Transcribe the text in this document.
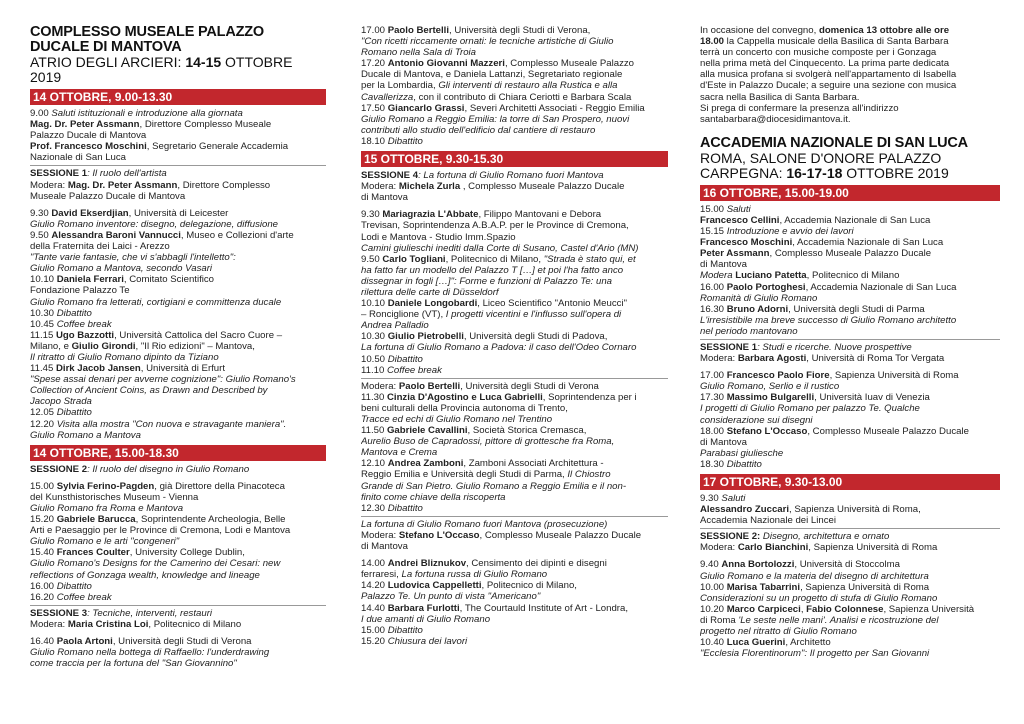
COMPLESSO MUSEALE PALAZZO
DUCALE DI MANTOVA
ATRIO DEGLI ARCIERI: 14-15 OTTOBRE 2019
14 OTTOBRE, 9.00-13.30
9.00 Saluti istituzionali e introduzione alla giornata
Mag. Dr. Peter Assmann, Direttore Complesso Museale
Palazzo Ducale di Mantova
Prof. Francesco Moschini, Segretario Generale Accademia
Nazionale di San Luca
SESSIONE 1: Il ruolo dell'artista
Modera: Mag. Dr. Peter Assmann, Direttore Complesso
Museale Palazzo Ducale di Mantova
9.30 David Ekserdjian, Università di Leicester
Giulio Romano inventore: disegno, delegazione, diffusione
9.50 Alessandra Baroni Vannucci, Museo e Collezioni d'arte
della Fraternita dei Laici - Arezzo
"Tante varie fantasie, che vi s'abbagli l'intelletto":
Giulio Romano a Mantova, secondo Vasari
10.10 Daniela Ferrari, Comitato Scientifico
Fondazione Palazzo Te
Giulio Romano fra letterati, cortigiani e committenza ducale
10.30 Dibattito
10.45 Coffee break
11.15 Ugo Bazzotti, Università Cattolica del Sacro Cuore –
Milano, e Giulio Girondi, "Il Rio edizioni" – Mantova,
Il ritratto di Giulio Romano dipinto da Tiziano
11.45 Dirk Jacob Jansen, Università di Erfurt
"Spese assai denari per avverne cognizione": Giulio Romano's
Collection of Ancient Coins, as Drawn and Described by
Jacopo Strada
12.05 Dibattito
12.20 Visita alla mostra "Con nuova e stravagante maniera".
Giulio Romano a Mantova
14 OTTOBRE, 15.00-18.30
SESSIONE 2: Il ruolo del disegno in Giulio Romano
15.00 Sylvia Ferino-Pagden, già Direttore della Pinacoteca
del Kunsthistorisches Museum - Vienna
Giulio Romano fra Roma e Mantova
15.20 Gabriele Barucca, Soprintendente Archeologia, Belle
Arti e Paesaggio per le Province di Cremona, Lodi e Mantova
Giulio Romano e le arti "congeneri"
15.40 Frances Coulter, University College Dublin,
Giulio Romano's Designs for the Camerino dei Cesari: new
reflections of Gonzaga wealth, knowledge and lineage
16.00 Dibattito
16.20 Coffee break
SESSIONE 3: Tecniche, interventi, restauri
Modera: Maria Cristina Loi, Politecnico di Milano
16.40 Paola Artoni, Università degli Studi di Verona
Giulio Romano nella bottega di Raffaello: l'underdrawing
come traccia per la fortuna del "San Giovannino"
17.00 Paolo Bertelli, Università degli Studi di Verona,
"Con ricetti riccamente ornati: le tecniche artistiche di Giulio
Romano nella Sala di Troia
17.20 Antonio Giovanni Mazzeri, Complesso Museale Palazzo
Ducale di Mantova, e Daniela Lattanzi, Segretariato regionale
per la Lombardia, Gli interventi di restauro alla Rustica e alla
Cavallerizza, con il contributo di Chiara Ceriotti e Barbara Scala
17.50 Giancarlo Grassi, Severi Architetti Associati - Reggio Emilia
Giulio Romano a Reggio Emilia: la torre di San Prospero, nuovi
contributi allo studio dell'edificio dal cantiere di restauro
18.10 Dibattito
15 OTTOBRE, 9.30-15.30
SESSIONE 4: La fortuna di Giulio Romano fuori Mantova
Modera: Michela Zurla , Complesso Museale Palazzo Ducale
di Mantova
9.30 Mariagrazia L'Abbate, Filippo Mantovani e Debora
Trevisan, Soprintendenza A.B.A.P. per le Province di Cremona,
Lodi e Mantova - Studio Imm.Spazio
Camini giulieschi inediti dalla Corte di Susano, Castel d'Ario (MN)
9.50 Carlo Togliani, Politecnico di Milano, "Strada è stato qui, et
ha fatto far un modello del Palazzo T […] et poi l'ha fatto anco
dissegnar in fogli […]": Forme e funzioni di Palazzo Te: una
rilettura delle carte di Düsseldorf
10.10 Daniele Longobardi, Liceo Scientifico "Antonio Meucci"
– Ronciglione (VT), I progetti vicentini e l'influsso sull'opera di
Andrea Palladio
10.30 Giulio Pietrobelli, Università degli Studi di Padova,
La fortuna di Giulio Romano a Padova: il caso dell'Odeo Cornaro
10.50 Dibattito
11.10 Coffee break
Modera: Paolo Bertelli, Università degli Studi di Verona
11.30 Cinzia D'Agostino e Luca Gabrielli, Soprintendenza per i
beni culturali della Provincia autonoma di Trento,
Tracce ed echi di Giulio Romano nel Trentino
11.50 Gabriele Cavallini, Società Storica Cremasca,
Aurelio Buso de Capradossi, pittore di grottesche fra Roma,
Mantova e Crema
12.10 Andrea Zamboni, Zamboni Associati Architettura -
Reggio Emilia e Università degli Studi di Parma, Il Chiostro
Grande di San Pietro. Giulio Romano a Reggio Emilia e il non-
finito come chiave della riscoperta
12.30 Dibattito
La fortuna di Giulio Romano fuori Mantova (prosecuzione)
Modera: Stefano L'Occaso, Complesso Museale Palazzo Ducale
di Mantova
14.00 Andrei Bliznukov, Censimento dei dipinti e disegni
ferraresi, La fortuna russa di Giulio Romano
14.20 Ludovica Cappelletti, Politecnico di Milano,
Palazzo Te. Un punto di vista "Americano"
14.40 Barbara Furlotti, The Courtauld Institute of Art - Londra,
I due amanti di Giulio Romano
15.00 Dibattito
15.20 Chiusura dei lavori
In occasione del convegno, domenica 13 ottobre alle ore
18.00 la Cappella musicale della Basilica di Santa Barbara
terrà un concerto con musiche composte per i Gonzaga
nella prima metà del Cinquecento. La prima parte dedicata
alla musica profana si svolgerà nell'appartamento di Isabella
d'Este in Palazzo Ducale; a seguire una sezione con musica
sacra nella Basilica di Santa Barbara.
Si prega di confermare la presenza all'indirizzo
santabarbara@diocesidimantova.it.
ACCADEMIA NAZIONALE DI SAN LUCA
ROMA, SALONE D'ONORE PALAZZO
CARPEGNA: 16-17-18 OTTOBRE 2019
16 OTTOBRE, 15.00-19.00
15.00 Saluti
Francesco Cellini, Accademia Nazionale di San Luca
15.15 Introduzione e avvio dei lavori
Francesco Moschini, Accademia Nazionale di San Luca
Peter Assmann, Complesso Museale Palazzo Ducale
di Mantova
Modera Luciano Patetta, Politecnico di Milano
16.00 Paolo Portoghesi, Accademia Nazionale di San Luca
Romanità di Giulio Romano
16.30 Bruno Adorni, Università degli Studi di Parma
L'irresistibile ma breve successo di Giulio Romano architetto
nel periodo mantovano
SESSIONE 1: Studi e ricerche. Nuove prospettive
Modera: Barbara Agosti, Università di Roma Tor Vergata
17.00 Francesco Paolo Fiore, Sapienza Università di Roma
Giulio Romano, Serlio e il rustico
17.30 Massimo Bulgarelli, Università Iuav di Venezia
I progetti di Giulio Romano per palazzo Te. Qualche
considerazione sui disegni
18.00 Stefano L'Occaso, Complesso Museale Palazzo Ducale
di Mantova
Parabasi giuliesche
18.30 Dibattito
17 OTTOBRE, 9.30-13.00
9.30 Saluti
Alessandro Zuccari, Sapienza Università di Roma,
Accademia Nazionale dei Lincei
SESSIONE 2: Disegno, architettura e ornato
Modera: Carlo Bianchini, Sapienza Università di Roma
9.40 Anna Bortolozzi, Università di Stoccolma
Giulio Romano e la materia del disegno di architettura
10.00 Marisa Tabarrini, Sapienza Università di Roma
Considerazioni su un progetto di stufa di Giulio Romano
10.20 Marco Carpiceci, Fabio Colonnese, Sapienza Università
di Roma 'Le seste nelle mani'. Analisi e ricostruzione del
progetto nel ritratto di Giulio Romano
10.40 Luca Guerini, Architetto
"Ecclesia Florentinorum": Il progetto per San Giovanni
